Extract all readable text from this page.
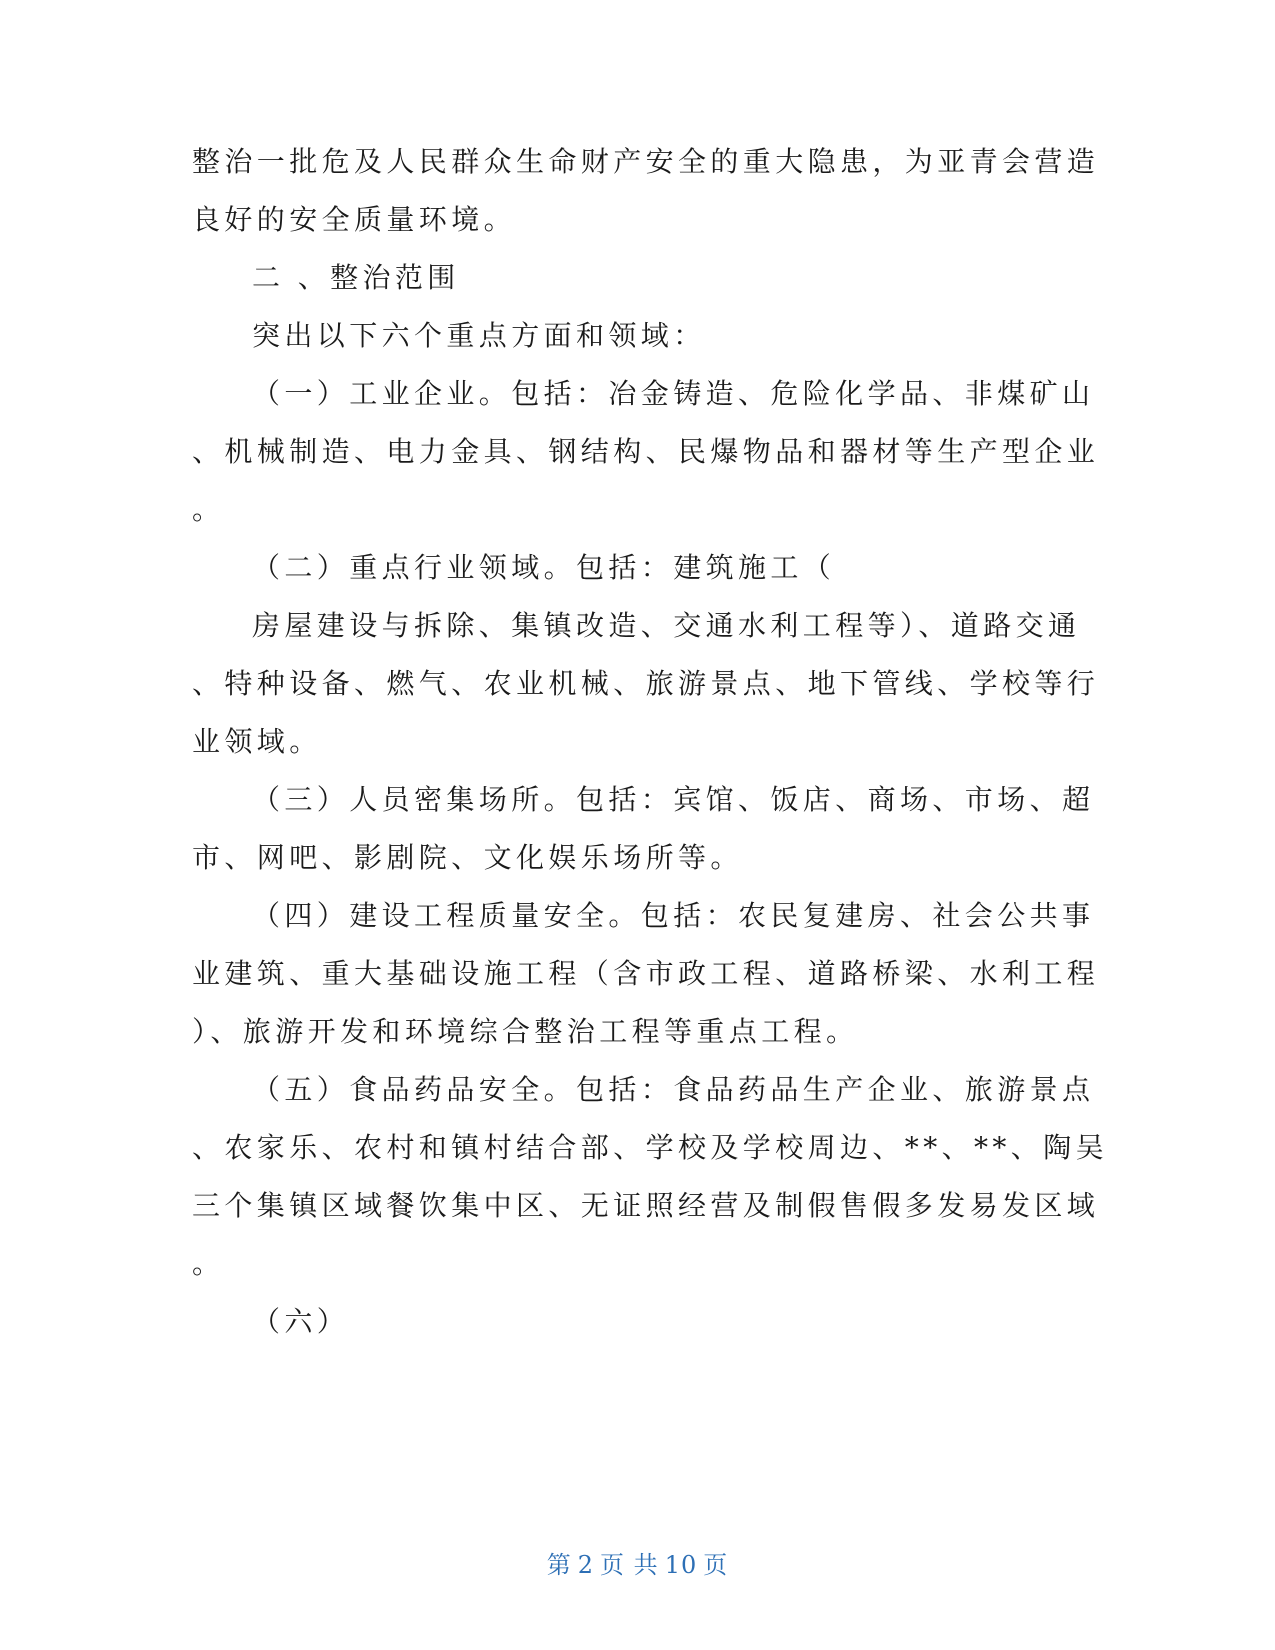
整治一批危及人民群众生命财产安全的重大隐患，为亚青会营造
良好的安全质量环境。
二 、整治范围
突出以下六个重点方面和领域：
（一）工业企业。包括：冶金铸造、危险化学品、非煤矿山
、机械制造、电力金具、钢结构、民爆物品和器材等生产型企业
。
（二）重点行业领域。包括：建筑施工（
房屋建设与拆除、集镇改造、交通水利工程等）、道路交通
、特种设备、燃气、农业机械、旅游景点、地下管线、学校等行
业领域。
（三）人员密集场所。包括：宾馆、饭店、商场、市场、超
市、网吧、影剧院、文化娱乐场所等。
（四）建设工程质量安全。包括：农民复建房、社会公共事
业建筑、重大基础设施工程（含市政工程、道路桥梁、水利工程
）、旅游开发和环境综合整治工程等重点工程。
（五）食品药品安全。包括：食品药品生产企业、旅游景点
、农家乐、农村和镇村结合部、学校及学校周边、**、**、陶吴
三个集镇区域餐饮集中区、无证照经营及制假售假多发易发区域
。
（六）
第 2 页 共 10 页
